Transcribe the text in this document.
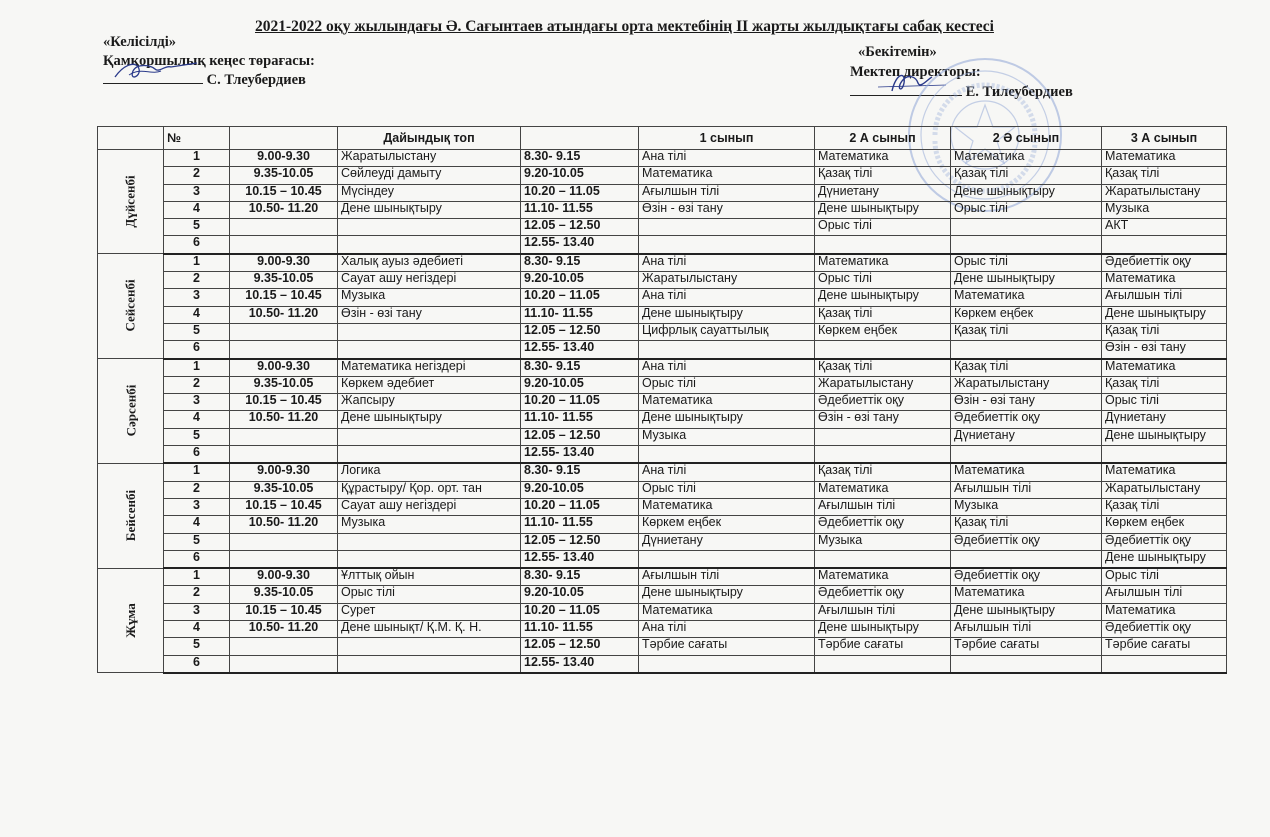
2021-2022 оқу жылындағы Ә. Сағынтаев атындағы орта мектебінің ІІ жарты жылдықтағы сабақ кестесі
«Келісілді»
Қамқоршылық кеңес төрағасы:
С. Тлеубердиев
«Бекітемін»
Мектеп директоры:
Е. Тилеубердиев
	№		Дайындық топ		1 сынып	2 А сынып	2 Ә сынып	3 А сынып
Дүйсенбі	1	9.00-9.30	Жаратылыстану	8.30- 9.15	Ана тілі	Математика	Математика	Математика
	2	9.35-10.05	Сөйлеуді дамыту	9.20-10.05	Математика	Қазақ тілі	Қазақ тілі	Қазақ тілі
	3	10.15 – 10.45	Мүсіндеу	10.20 – 11.05	Ағылшын тілі	Дүниетану	Дене шынықтыру	Жаратылыстану
	4	10.50- 11.20	Дене шынықтыру	11.10- 11.55	Өзін - өзі тану	Дене шынықтыру	Орыс тілі	Музыка
	5			12.05 – 12.50		Орыс тілі		АКТ
	6			12.55- 13.40				
Сейсенбі	1	9.00-9.30	Халық ауыз әдебиеті	8.30- 9.15	Ана тілі	Математика	Орыс тілі	Әдебиеттік оқу
	2	9.35-10.05	Сауат ашу негіздері	9.20-10.05	Жаратылыстану	Орыс тілі	Дене шынықтыру	Математика
	3	10.15 – 10.45	Музыка	10.20 – 11.05	Ана тілі	Дене шынықтыру	Математика	Ағылшын тілі
	4	10.50- 11.20	Өзін - өзі тану	11.10- 11.55	Дене шынықтыру	Қазақ тілі	Көркем еңбек	Дене шынықтыру
	5			12.05 – 12.50	Цифрлық сауаттылық	Көркем еңбек	Қазақ тілі	Қазақ тілі
	6			12.55- 13.40				Өзін - өзі тану
Сәрсенбі	1	9.00-9.30	Математика негіздері	8.30- 9.15	Ана тілі	Қазақ тілі	Қазақ тілі	Математика
	2	9.35-10.05	Көркем әдебиет	9.20-10.05	Орыс тілі	Жаратылыстану	Жаратылыстану	Қазақ тілі
	3	10.15 – 10.45	Жапсыру	10.20 – 11.05	Математика	Әдебиеттік оқу	Өзін - өзі тану	Орыс тілі
	4	10.50- 11.20	Дене шынықтыру	11.10- 11.55	Дене шынықтыру	Өзін - өзі тану	Әдебиеттік оқу	Дүниетану
	5			12.05 – 12.50	Музыка		Дүниетану	Дене шынықтыру
	6			12.55- 13.40				
Бейсенбі	1	9.00-9.30	Логика	8.30- 9.15	Ана тілі	Қазақ тілі	Математика	Математика
	2	9.35-10.05	Құрастыру/ Қор. орт. тан	9.20-10.05	Орыс тілі	Математика	Ағылшын тілі	Жаратылыстану
	3	10.15 – 10.45	Сауат ашу негіздері	10.20 – 11.05	Математика	Ағылшын тілі	Музыка	Қазақ тілі
	4	10.50- 11.20	Музыка	11.10- 11.55	Көркем еңбек	Әдебиеттік оқу	Қазақ тілі	Көркем еңбек
	5			12.05 – 12.50	Дүниетану	Музыка	Әдебиеттік оқу	Әдебиеттік оқу
	6			12.55- 13.40				Дене шынықтыру
Жұма	1	9.00-9.30	Ұлттық ойын	8.30- 9.15	Ағылшын тілі	Математика	Әдебиеттік оқу	Орыс тілі
	2	9.35-10.05	Орыс тілі	9.20-10.05	Дене шынықтыру	Әдебиеттік оқу	Математика	Ағылшын тілі
	3	10.15 – 10.45	Сурет	10.20 – 11.05	Математика	Ағылшын тілі	Дене шынықтыру	Математика
	4	10.50- 11.20	Дене шынықт/ Қ.М. Қ. Н.	11.10- 11.55	Ана тілі	Дене шынықтыру	Ағылшын тілі	Әдебиеттік оқу
	5			12.05 – 12.50	Тәрбие сағаты	Тәрбие сағаты	Тәрбие сағаты	Тәрбие сағаты
	6			12.55- 13.40				
